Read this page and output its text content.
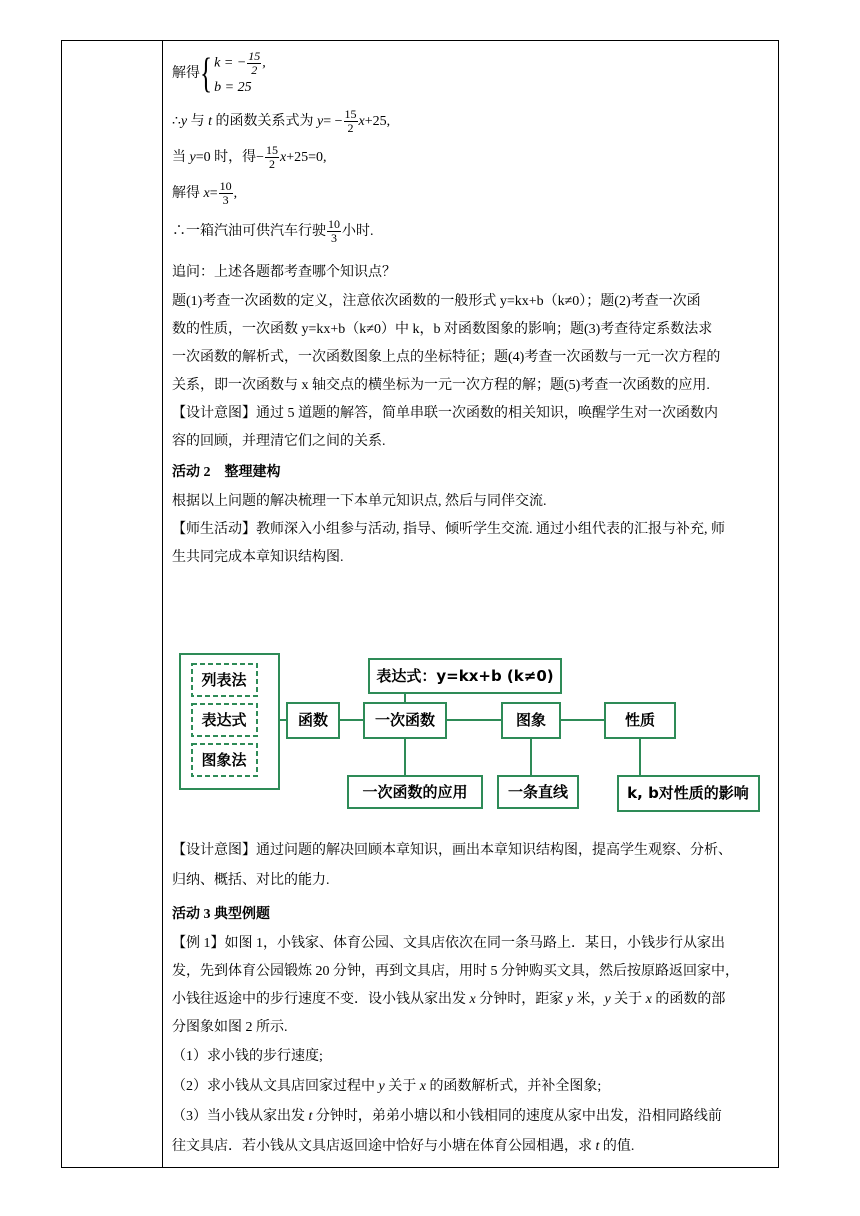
解得 { k = − $\frac{15}{2}$ ,
b = 25
∴y 与 t 的函数关系式为 $y= - \frac{15}{2} x+25$,
当 y=0 时，得− $\frac{15}{2} x+25=0$,
解得 $x= \frac{10}{3}$ ,
∴一箱汽油可供汽车行驶 $\frac{10}{3}$ 小时.
追问：上述各题都考查哪个知识点？
题(1)考查一次函数的定义，注意依次函数的一般形式 y=kx+b（k≠0）；题(2)考查一次函
数的性质，一次函数 y=kx+b（k≠0）中 k，b 对函数图象的影响；题(3)考查待定系数法求
一次函数的解析式，一次函数图象上点的坐标特征；题(4)考查一次函数与一元一次方程的
关系，即一次函数与 x 轴交点的横坐标为一元一次方程的解；题(5)考查一次函数的应用.
【设计意图】通过 5 道题的解答，简单串联一次函数的相关知识，唤醒学生对一次函数内
容的回顾，并理清它们之间的关系.
活动 2　整理建构
根据以上问题的解决梳理一下本单元知识点, 然后与同伴交流.
【师生活动】教师深入小组参与活动, 指导、倾听学生交流. 通过小组代表的汇报与补充, 师
生共同完成本章知识结构图.
列表法
表达式
图象法
函数
表达式：y=kx+b (k≠0)
一次函数	图象	性质
一次函数的应用	一条直线	k, b对性质的影响
【设计意图】通过问题的解决回顾本章知识，画出本章知识结构图，提高学生观察、分析、
归纳、概括、对比的能力.
活动 3 典型例题
【例 1】如图 1，小钱家、体育公园、文具店依次在同一条马路上．某日，小钱步行从家出
发，先到体育公园锻炼 20 分钟，再到文具店，用时 5 分钟购买文具，然后按原路返回家中，
小钱往返途中的步行速度不变．设小钱从家出发 x 分钟时，距家 y 米，y 关于 x 的函数的部
分图象如图 2 所示.
（1）求小钱的步行速度;
（2）求小钱从文具店回家过程中 y 关于 x 的函数解析式，并补全图象;
（3）当小钱从家出发 t 分钟时，弟弟小塘以和小钱相同的速度从家中出发，沿相同路线前
往文具店．若小钱从文具店返回途中恰好与小塘在体育公园相遇，求 t 的值.
